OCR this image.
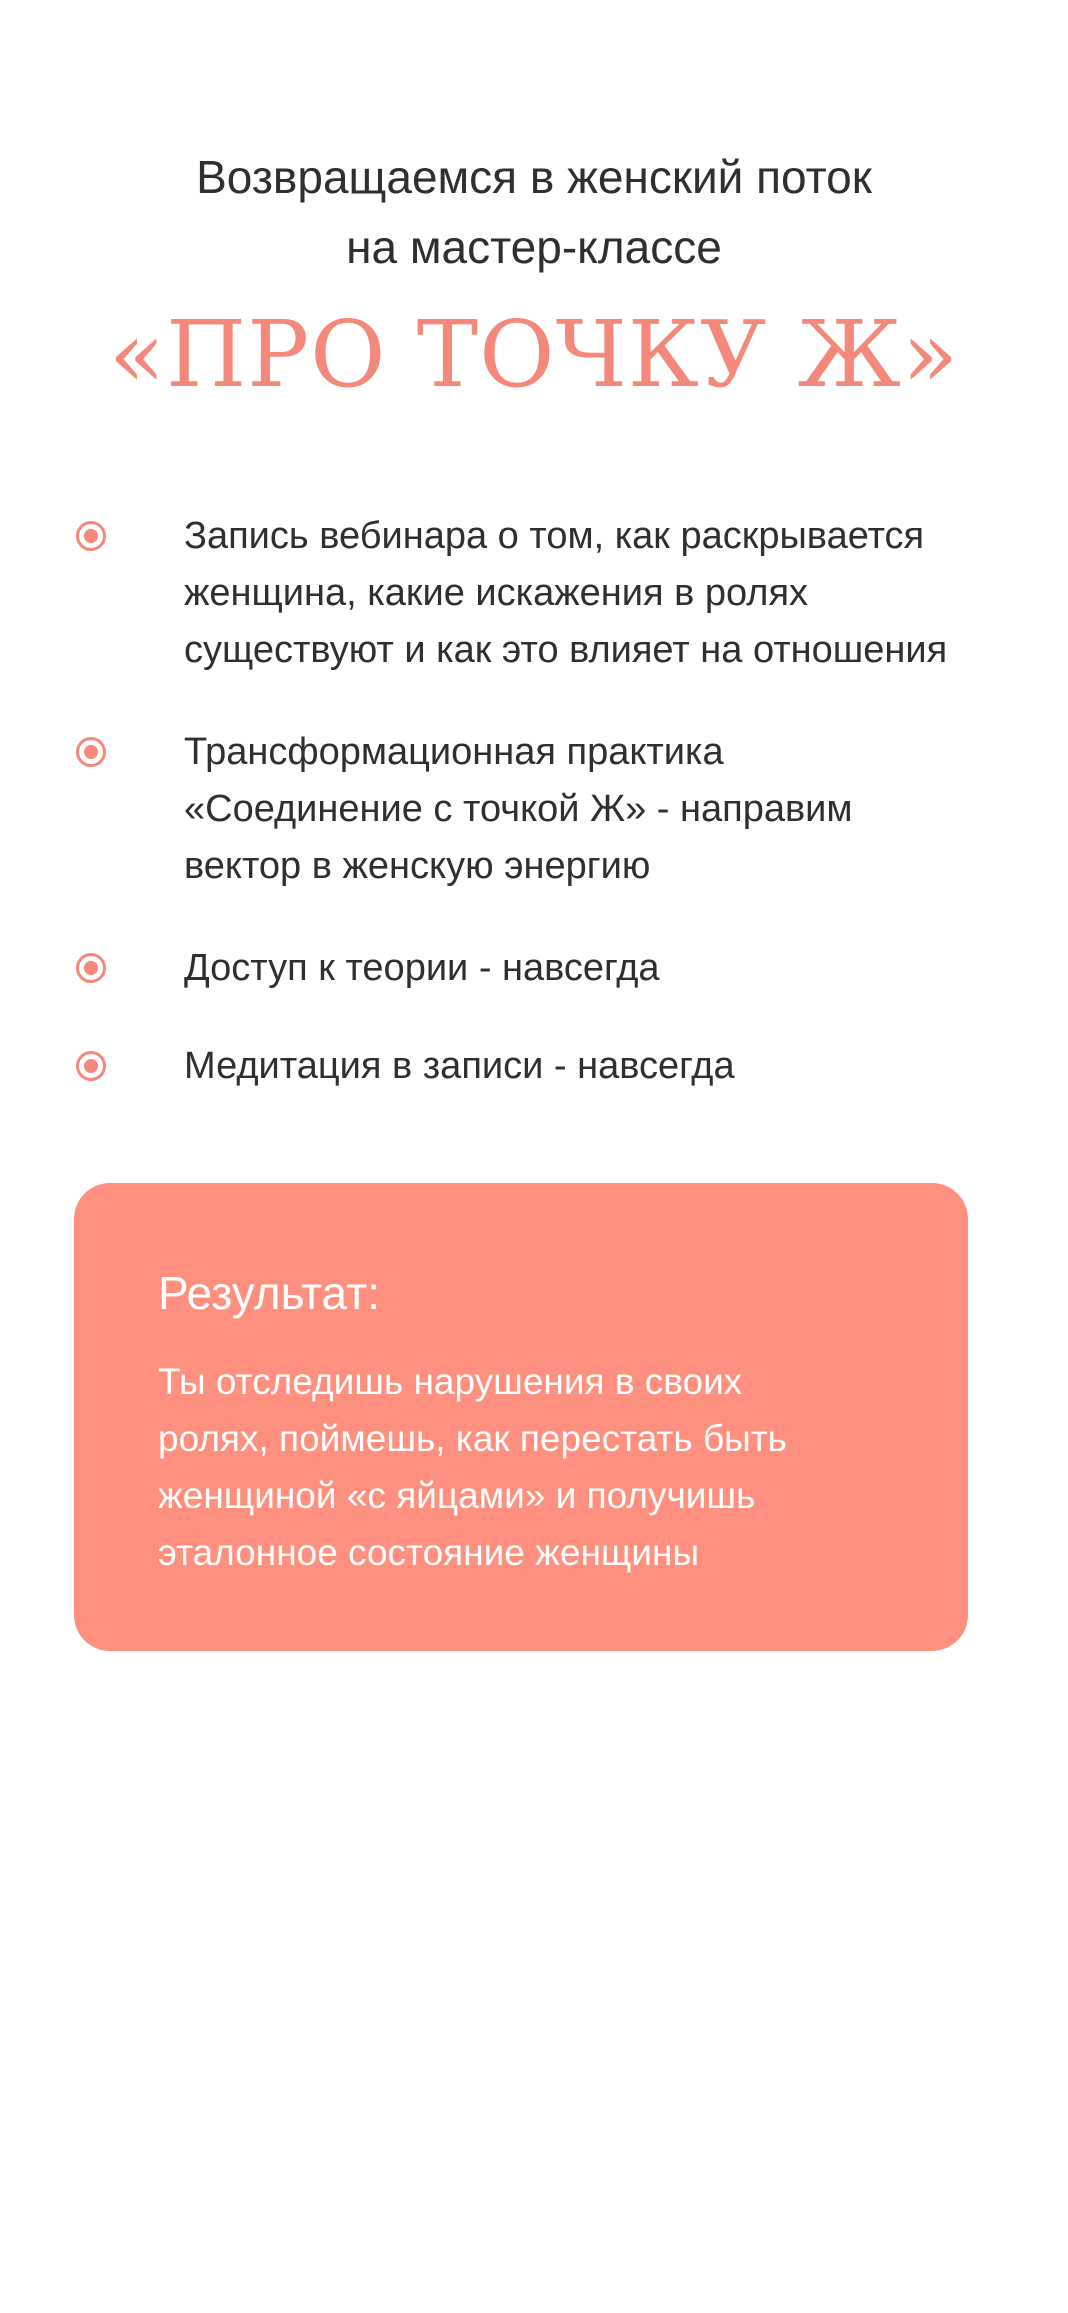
Возвращаемся в женский поток
на мастер-классе
«ПРО ТОЧКУ Ж»
Запись вебинара о том, как раскрывается
женщина, какие искажения в ролях
существуют и как это влияет на отношения
Трансформационная практика
«Соединение с точкой Ж» - направим
вектор в женскую энергию
Доступ к теории - навсегда
Медитация в записи - навсегда
Результат:
Ты отследишь нарушения в своих
ролях, поймешь, как перестать быть
женщиной «с яйцами» и получишь
эталонное состояние женщины
